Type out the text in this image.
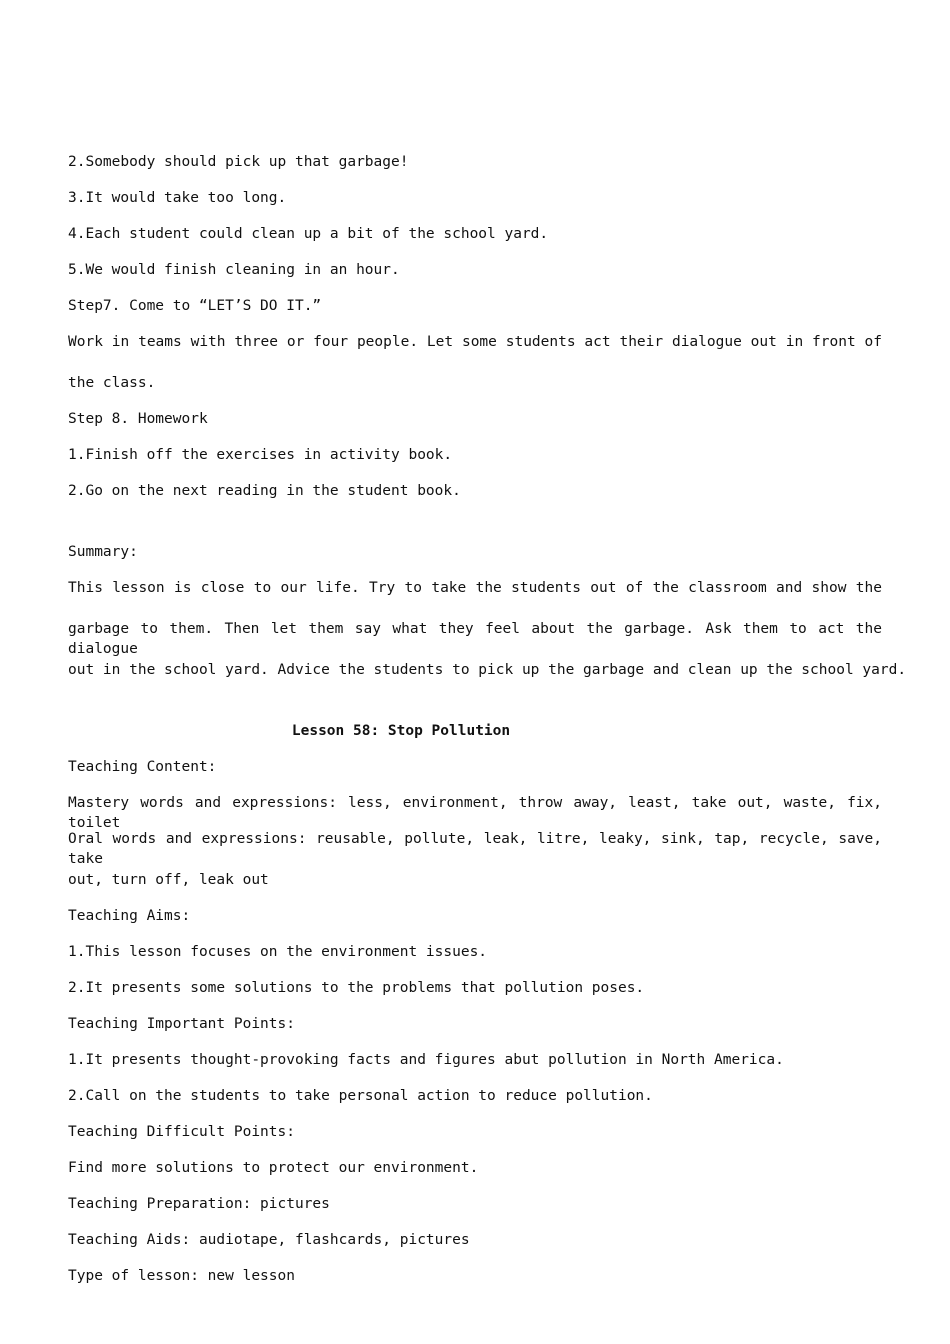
2.Somebody should pick up that garbage!
3.It would take too long.
4.Each student could clean up a bit of the school yard.
5.We would finish cleaning in an hour.
Step7. Come to “LET’S DO IT.”
Work in teams with three or four people. Let some students act their dialogue out in front of
the class.
Step 8. Homework
1.Finish off the exercises in activity book.
2.Go on the next reading in the student book.
Summary:
This lesson is close to our life. Try to take the students out of the classroom and show the
garbage to them. Then let them say what they feel about the garbage. Ask them to act the dialogue
out in the school yard. Advice the students to pick up the garbage and clean up the school yard.
Lesson 58: Stop Pollution
Teaching Content:
Mastery words and expressions: less, environment, throw away, least, take out, waste, fix, toilet
Oral words and expressions: reusable, pollute, leak, litre, leaky, sink, tap, recycle, save, take
out, turn off, leak out
Teaching Aims:
1.This lesson focuses on the environment issues.
2.It presents some solutions to the problems that pollution poses.
Teaching Important Points:
1.It presents thought-provoking facts and figures abut pollution in North America.
2.Call on the students to take personal action to reduce pollution.
Teaching Difficult Points:
Find more solutions to protect our environment.
Teaching Preparation: pictures
Teaching Aids: audiotape, flashcards, pictures
Type of lesson: new lesson
